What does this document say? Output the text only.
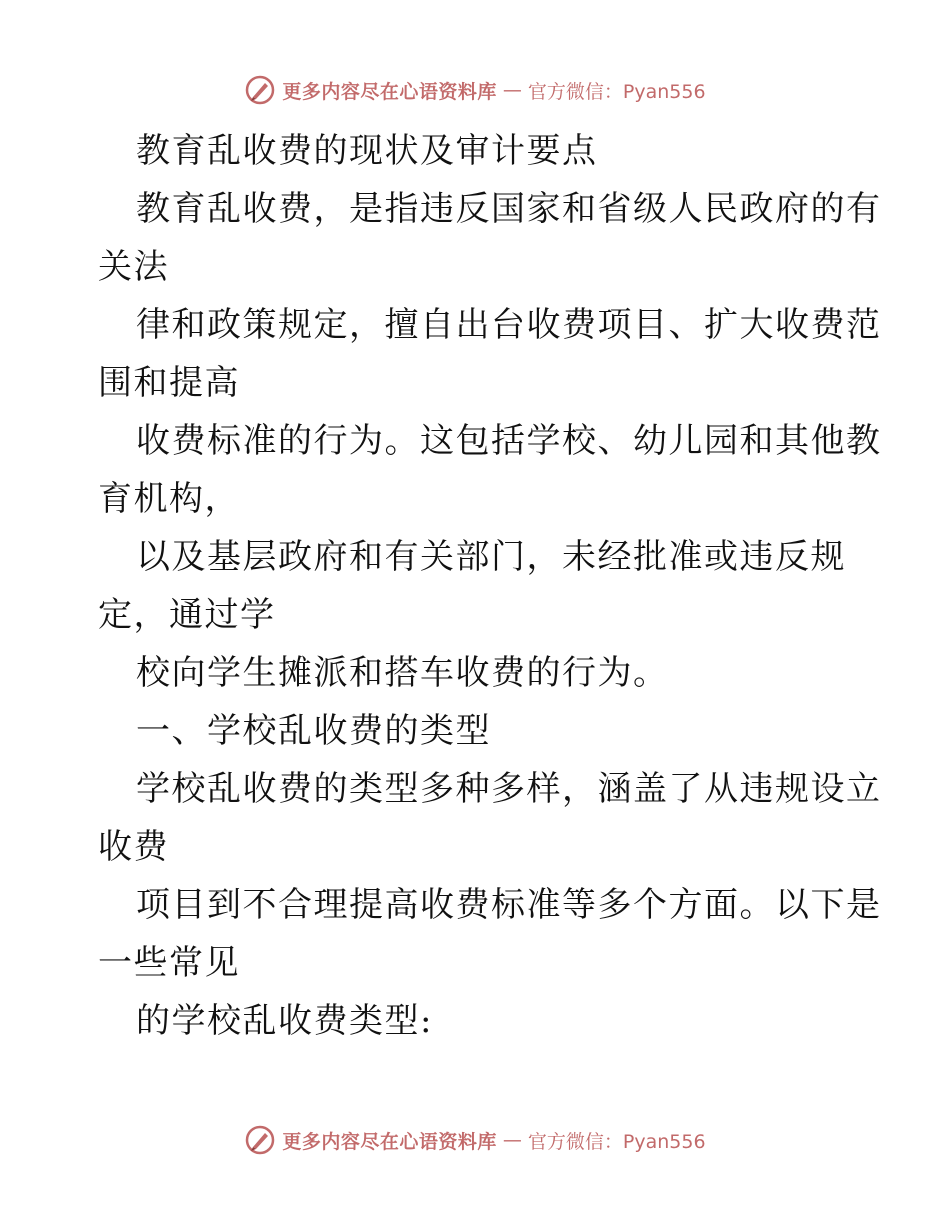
更多内容尽在心语资料库 — 官方微信：Pyan556
教育乱收费的现状及审计要点
教育乱收费，是指违反国家和省级人民政府的有
关法
律和政策规定，擅自出台收费项目、扩大收费范
围和提高
收费标准的行为。这包括学校、幼儿园和其他教
育机构，
以及基层政府和有关部门，未经批准或违反规
定，通过学
校向学生摊派和搭车收费的行为。
一、学校乱收费的类型
学校乱收费的类型多种多样，涵盖了从违规设立
收费
项目到不合理提高收费标准等多个方面。以下是
一些常见
的学校乱收费类型:
更多内容尽在心语资料库 — 官方微信：Pyan556
